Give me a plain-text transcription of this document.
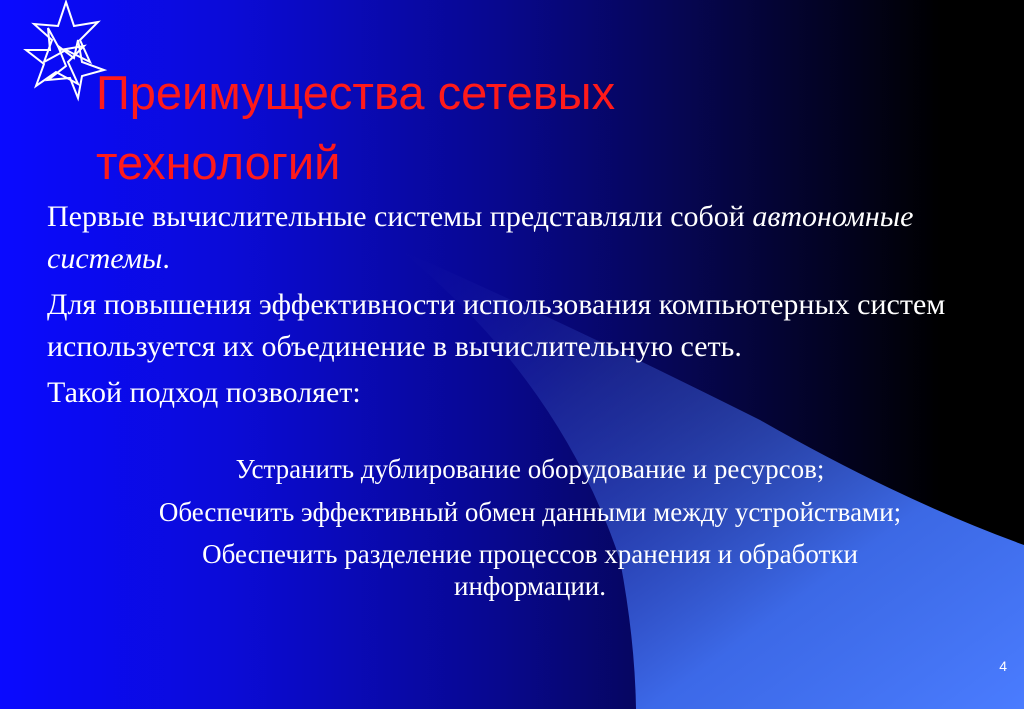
Преимущества сетевых технологий

Первые вычислительные системы представляли собой автономные системы.

Для повышения эффективности использования компьютерных систем используется их объединение в вычислительную сеть.

Такой подход позволяет:

Устранить дублирование оборудование и ресурсов;
Обеспечить эффективный обмен данными между устройствами;
Обеспечить разделение процессов хранения и обработки информации.
4
